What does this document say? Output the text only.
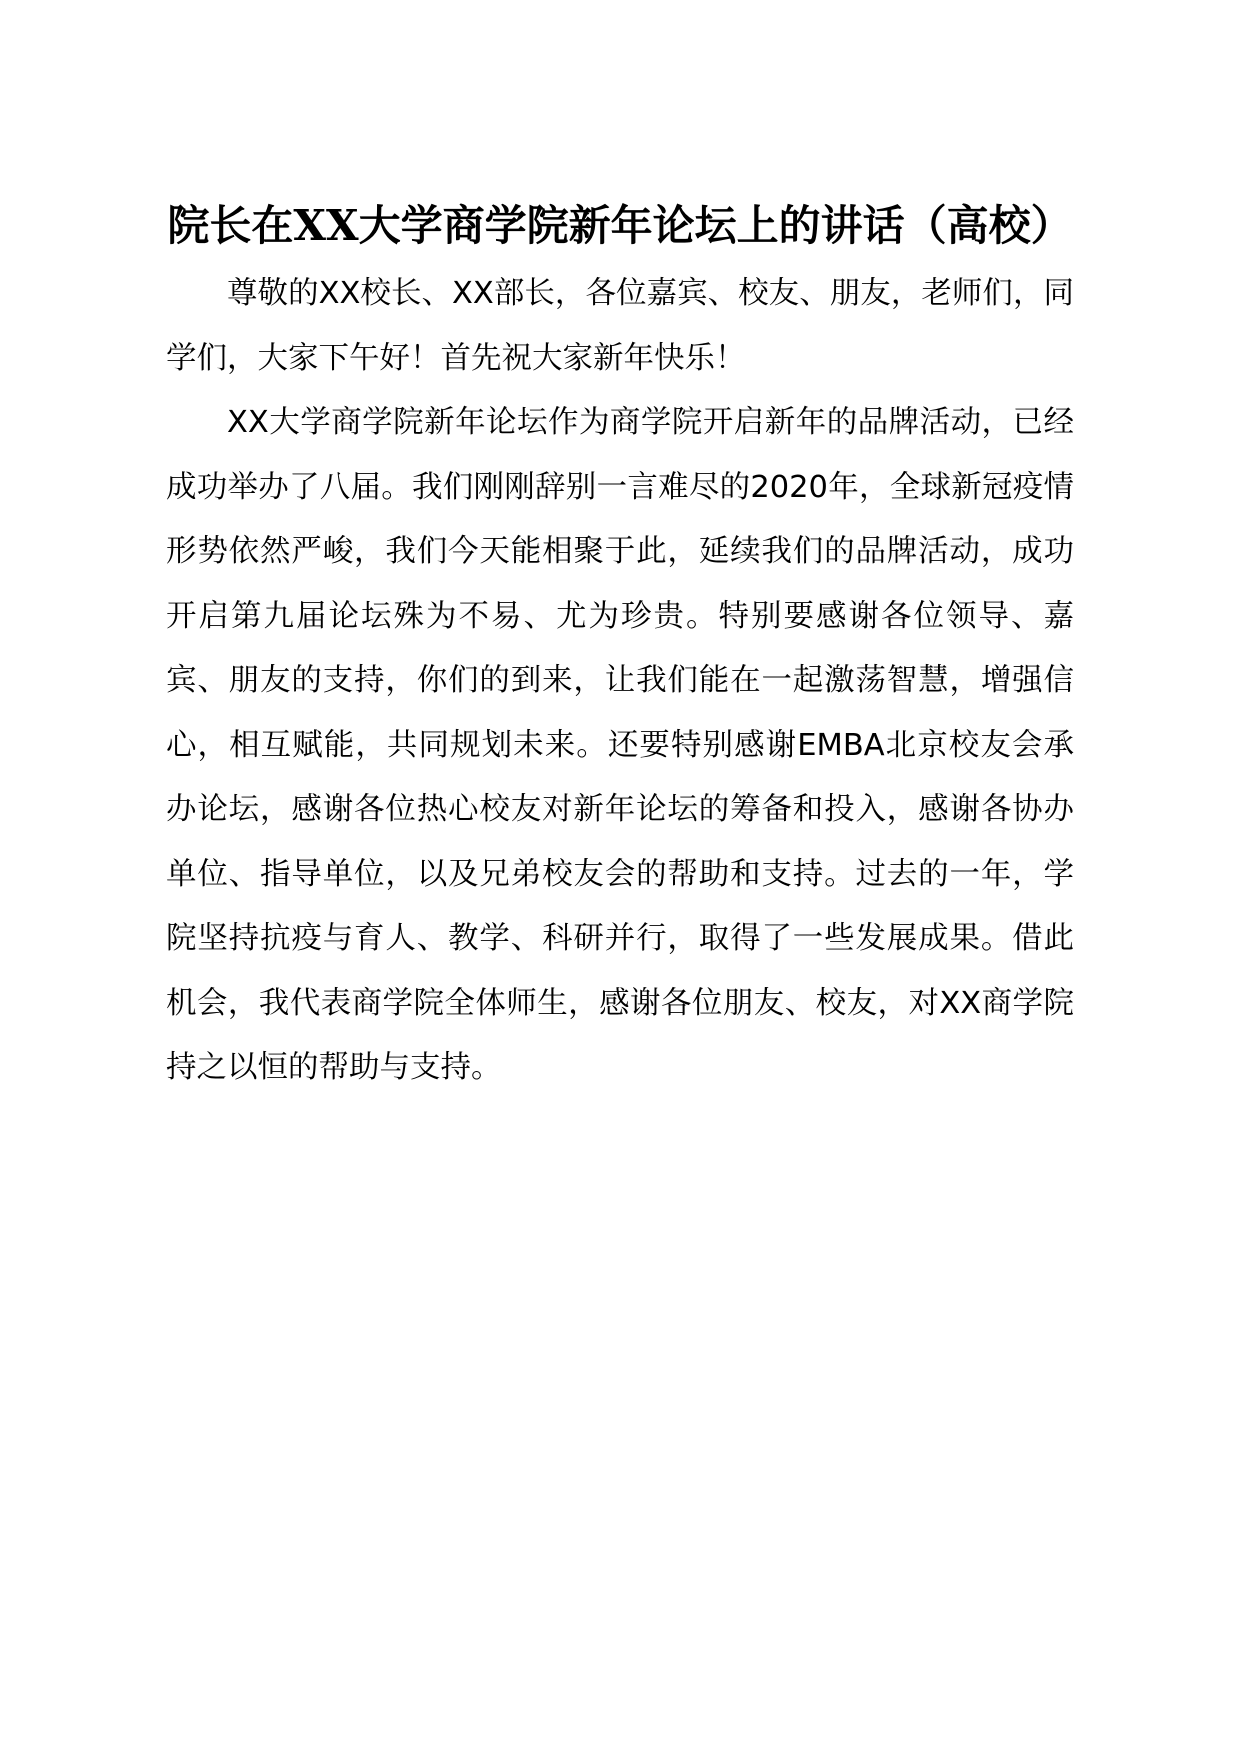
院长在XX大学商学院新年论坛上的讲话（高校）

尊敬的XX校长、XX部长，各位嘉宾、校友、朋友，老师们，同学们，大家下午好！首先祝大家新年快乐！

XX大学商学院新年论坛作为商学院开启新年的品牌活动，已经成功举办了八届。我们刚刚辞别一言难尽的2020年，全球新冠疫情形势依然严峻，我们今天能相聚于此，延续我们的品牌活动，成功开启第九届论坛殊为不易、尤为珍贵。特别要感谢各位领导、嘉宾、朋友的支持，你们的到来，让我们能在一起激荡智慧，增强信心，相互赋能，共同规划未来。还要特别感谢EMBA北京校友会承办论坛，感谢各位热心校友对新年论坛的筹备和投入，感谢各协办单位、指导单位，以及兄弟校友会的帮助和支持。过去的一年，学院坚持抗疫与育人、教学、科研并行，取得了一些发展成果。借此机会，我代表商学院全体师生，感谢各位朋友、校友，对XX商学院持之以恒的帮助与支持。
